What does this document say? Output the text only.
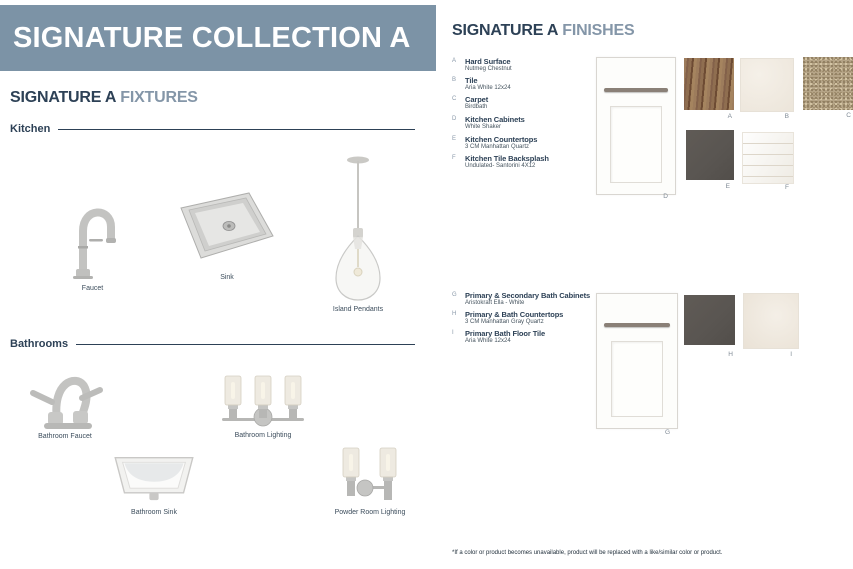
SIGNATURE COLLECTION A
SIGNATURE A FIXTURES
Kitchen
Faucet
Sink
Island Pendants
Bathrooms
Bathroom Faucet	Bathroom Lighting
Bathroom Sink	Powder Room Lighting
SIGNATURE A FINISHES
A	Hard Surface
Nutmeg Chestnut
B	Tile
Aria White 12x24
C	Carpet
Birdbath
D	Kitchen Cabinets
White Shaker
E	Kitchen Countertops
3 CM Manhattan Quartz
F	Kitchen Tile Backsplash
Undulated- Santorini 4X12
D
A	B	C
E	F
G	Primary & Secondary Bath Cabinets
Aristokraft Ella - White
H	Primary & Bath Countertops
3 CM Manhattan Gray Quartz
I	Primary Bath Floor Tile
Aria White 12x24
G
H	I
*If a color or product becomes unavailable, product will be replaced with a like/similar color or product.
